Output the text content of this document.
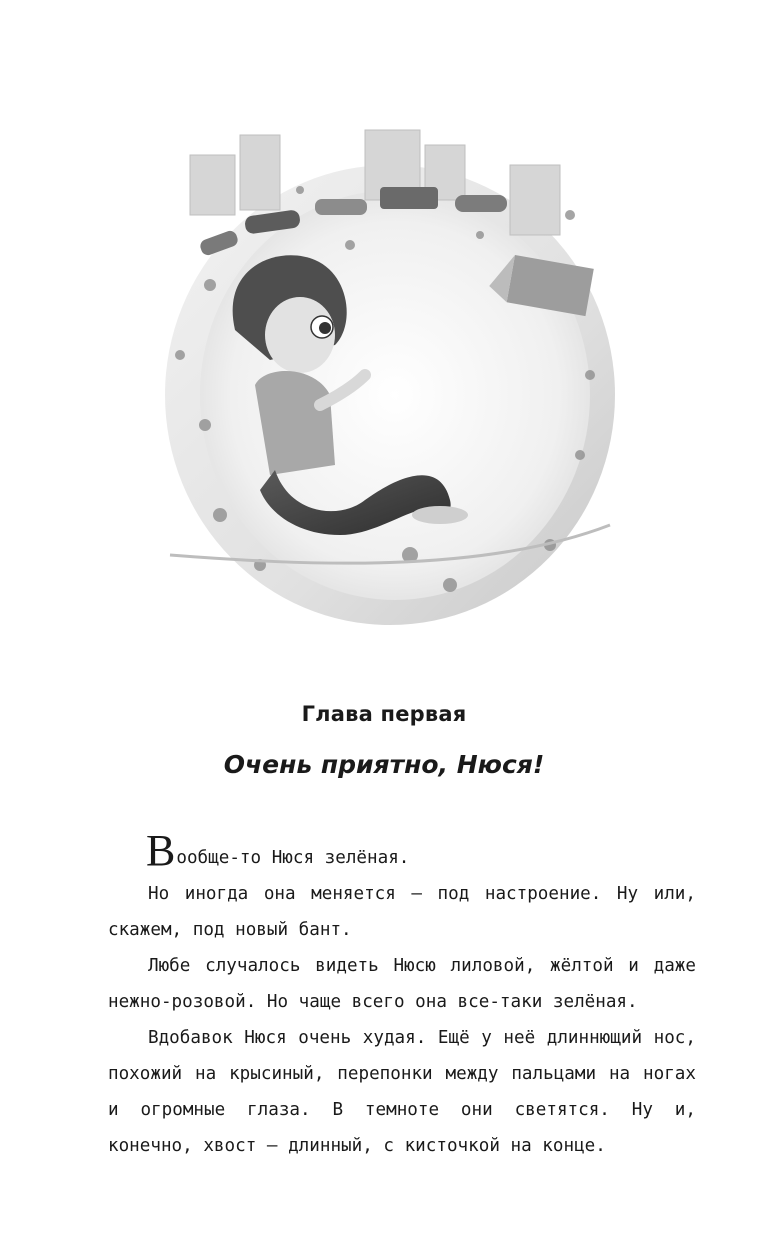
Глава первая
Очень приятно, Нюся!

Вообще-то Нюся зелёная.

Но иногда она меняется — под настроение. Ну или, скажем, под новый бант.

Любе случалось видеть Нюсю лиловой, жёлтой и даже нежно-розовой. Но чаще всего она все-таки зелёная.

Вдобавок Нюся очень худая. Ещё у неё длиннющий нос, похожий на крысиный, перепонки между пальцами на ногах и огромные глаза. В темноте они светятся. Ну и, конечно, хвост — длинный, с кисточкой на конце.
